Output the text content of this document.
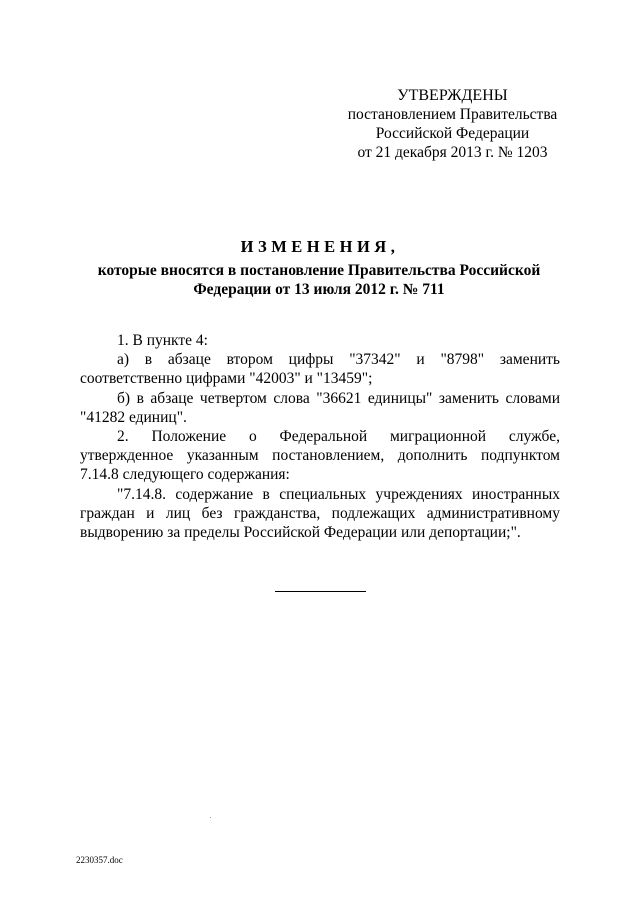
УТВЕРЖДЕНЫ
постановлением Правительства
Российской Федерации
от 21 декабря 2013 г. № 1203
ИЗМЕНЕНИЯ,
которые вносятся в постановление Правительства Российской
Федерации от 13 июля 2012 г. № 711

1. В пункте 4:

а) в абзаце втором цифры "37342" и "8798" заменить соответственно цифрами "42003" и "13459";

б) в абзаце четвертом слова "36621 единицы" заменить словами "41282 единиц".

2. Положение о Федеральной миграционной службе, утвержденное указанным постановлением, дополнить подпунктом 7.14.8 следующего содержания:

"7.14.8. содержание в специальных учреждениях иностранных граждан и лиц без гражданства, подлежащих административному выдворению за пределы Российской Федерации или депортации;".

2230357.doc
